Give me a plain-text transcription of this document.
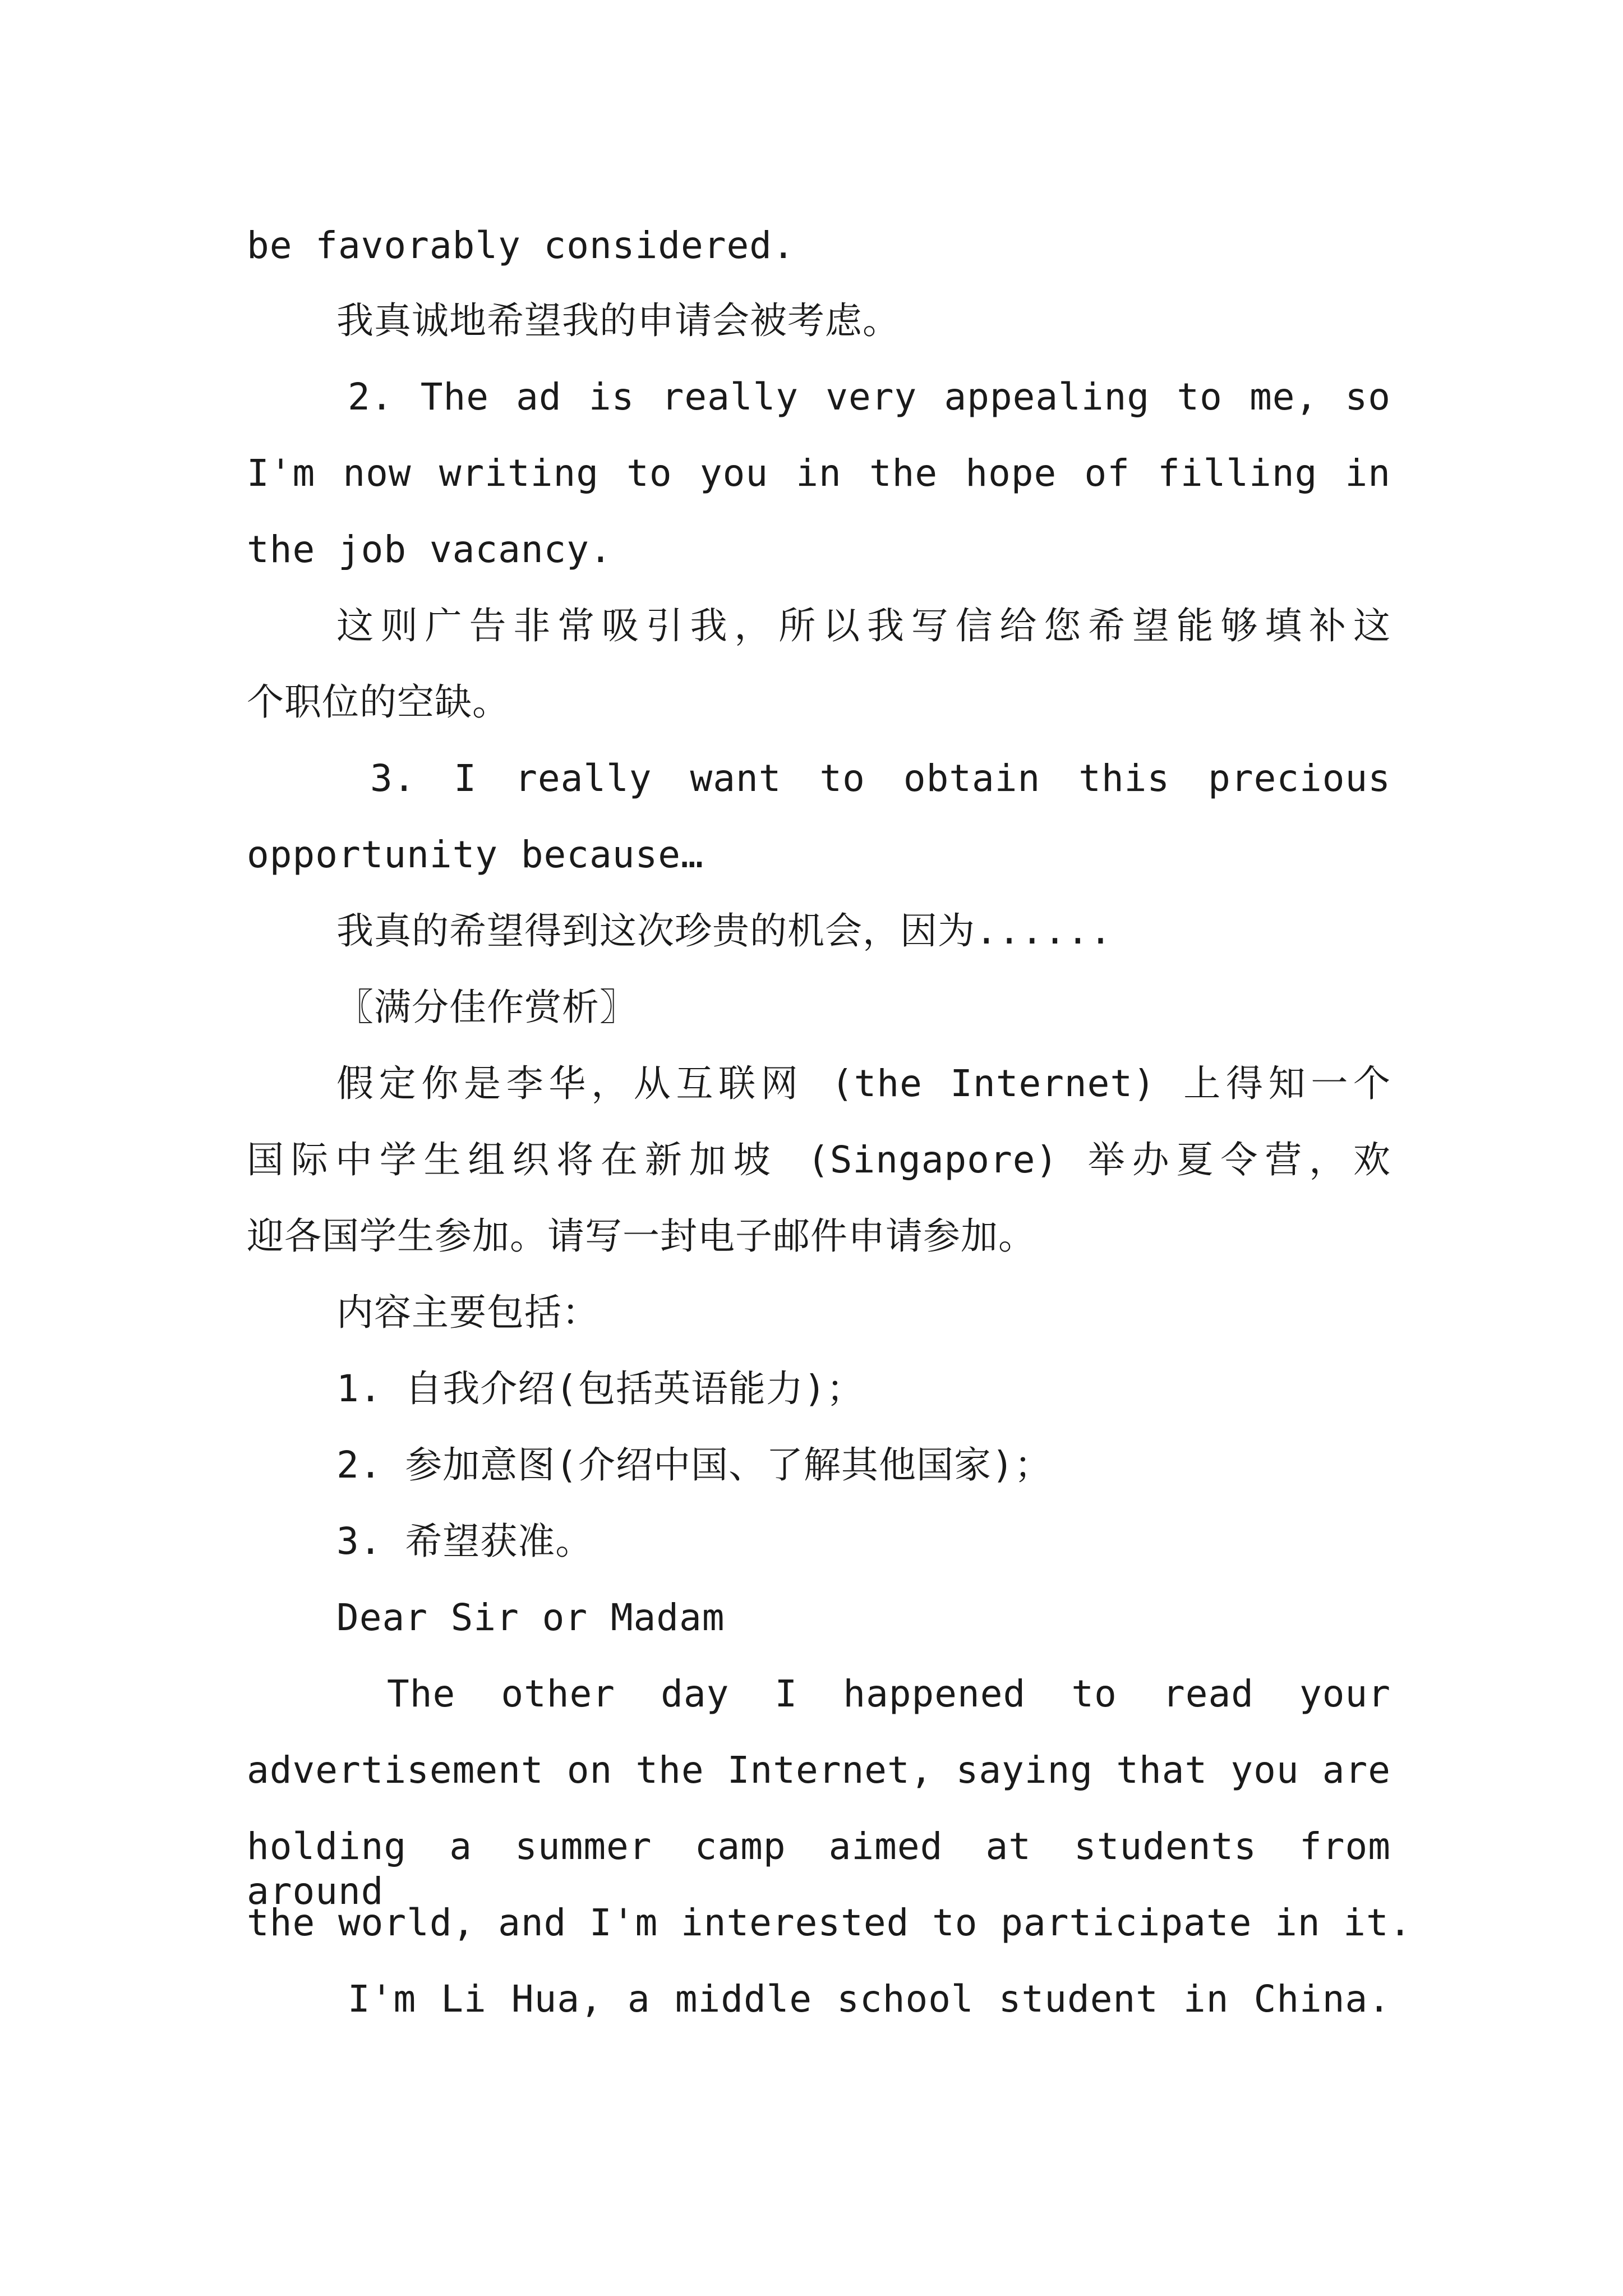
be favorably considered.
我真诚地希望我的申请会被考虑。
2. The ad is really very appealing to me, so
I'm now writing to you in the hope of filling in
the job vacancy.
这则广告非常吸引我，所以我写信给您希望能够填补这
个职位的空缺。
3. I really want to obtain this precious
opportunity because…
我真的希望得到这次珍贵的机会，因为......
〖满分佳作赏析〗
假定你是李华，从互联网 (the Internet) 上得知一个
国际中学生组织将在新加坡 (Singapore) 举办夏令营，欢
迎各国学生参加。请写一封电子邮件申请参加。
内容主要包括：
1. 自我介绍(包括英语能力)；
2. 参加意图(介绍中国、了解其他国家)；
3. 希望获准。
Dear Sir or Madam
The other day I happened to read your
advertisement on the Internet, saying that you are
holding a summer camp aimed at students from around
the world, and I'm interested to participate in it.
I'm Li Hua, a middle school student in China.
